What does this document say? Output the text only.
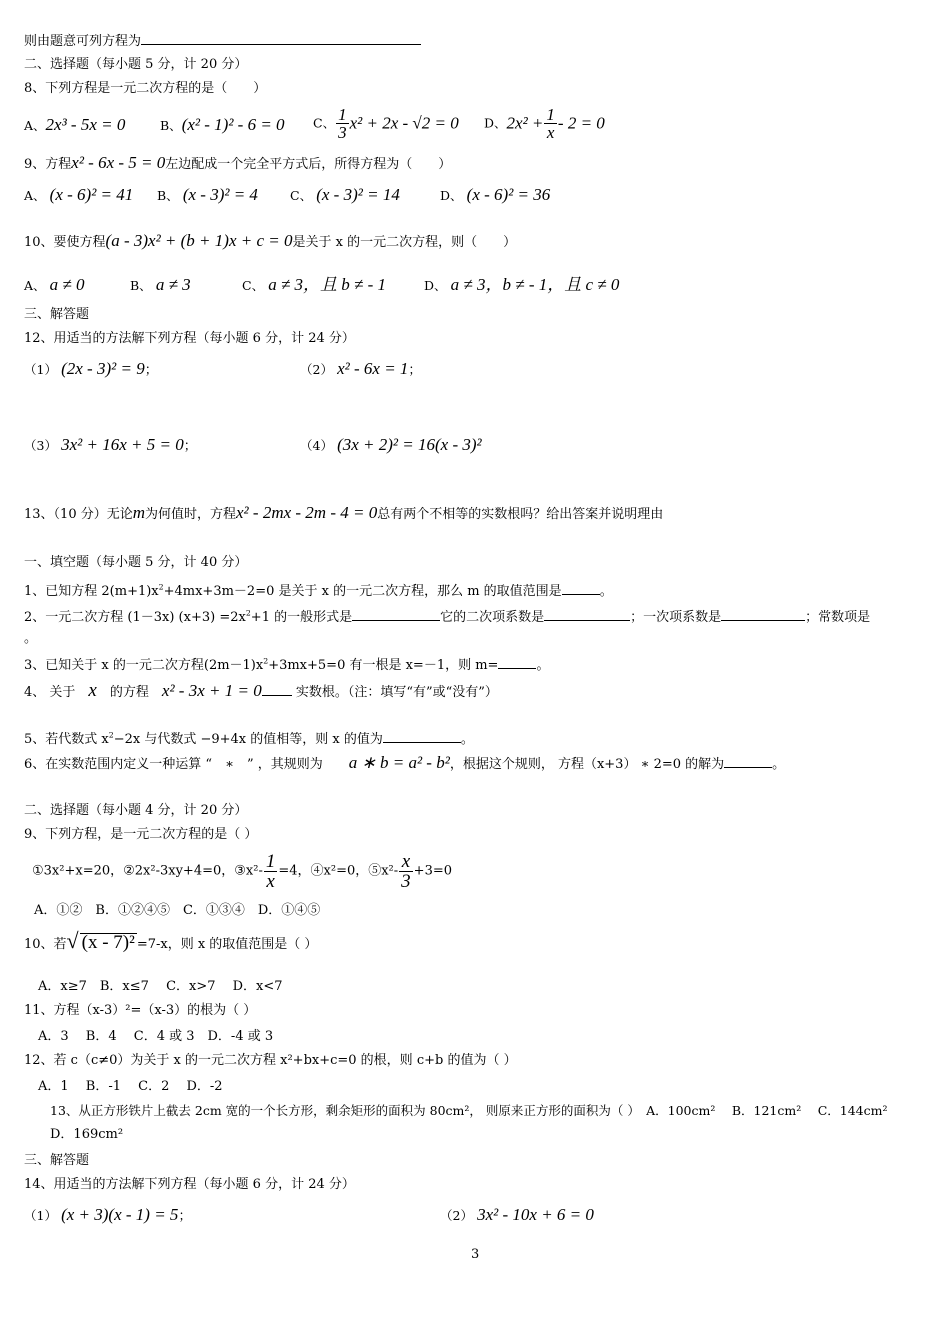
则由题意可列方程为
二、选择题（每小题 5 分，计 20 分）
8、下列方程是一元二次方程的是（　　）
A、2x³ - 5x = 0	B、(x² - 1)² - 6 = 0 C、 $\frac{1}{3} x^2 + 2x - √2 = 0$ D、$2x^2 + \frac{1}{x} - 2 = 0$
9、方程x² - 6x - 5 = 0左边配成一个完全平方式后，所得方程为（　　）
A、 (x - 6)² = 41 B、 (x - 3)² = 4	C、 (x - 3)² = 14	D、 (x - 6)² = 36
10、要使方程(a - 3)x² + (b + 1)x + c = 0是关于 x 的一元二次方程，则（　　）
A、 a ≠ 0	B、 a ≠ 3	C、 a ≠ 3，且 b ≠ - 1	D、 a ≠ 3，b ≠ - 1，且 c ≠ 0
三、解答题
12、用适当的方法解下列方程（每小题 6 分，计 24 分）
（1） (2x - 3)² = 9；	（2） x² - 6x = 1；
（3） 3x² + 16x + 5 = 0；	（4） (3x + 2)² = 16(x - 3)²
13、（10 分）无论m为何值时，方程x² - 2mx - 2m - 4 = 0总有两个不相等的实数根吗？给出答案并说明理由
一、填空题（每小题 5 分，计 40 分）
1、已知方程 $2(m+1)x^2+4mx+3m-2=0$ 是关于 x 的一元二次方程，那么 m 的取值范围是	。
2、一元二次方程 (1－3x) $(x+3) =2x^2+1$ 的一般形式是	它的二次项系数是	；一次项系数是	；常数项是
。
3、已知关于 x 的一元二次方程$(2m-1)x^2+3mx+5=0$ 有一根是 x=－1，则 m=	。
4、 关于　 x　 的方程　 x² - 3x + 1 = 0	实数根。（注：填写“有”或“没有”）
5、若代数式 $x^2-2x$ 与代数式 −9+4x 的值相等，则 x 的值为	。
6、在实数范围内定义一种运算 “　 ∗　 ” ，其规则为　　 a ∗ b = a² - b²，根据这个规则， 方程（x+3） ∗ 2=0 的解为	。
二、选择题（每小题 4 分，计 20 分）
9、下列方程，是一元二次方程的是（ ）
①3x²+x=20，②2x²-3xy+4=0，③x²- $\frac{1}{x} =4$，④x²=0，⑤x²- $\frac{x}{3} +3=0$
A．①②　B．①②④⑤　C．①③④　D．①④⑤
10、若√ (x - 7)² =7-x，则 x 的取值范围是（ ）
A．x≥7　B．x≤7　 C．x>7　 D．x<7
11、方程（x-3）²=（x-3）的根为（ ）
A．3　 B．4　 C．4 或 3　D．-4 或 3
12、若 c（c≠0）为关于 x 的一元二次方程 x²+bx+c=0 的根，则 c+b 的值为（ ）
A．1　 B．-1　 C．2　 D．-2
13、从正方形铁片上截去 2cm 宽的一个长方形，剩余矩形的面积为 80cm²， 则原来正方形的面积为（ ）　A．100cm²　 B．121cm²　 C．144cm²
D．169cm²
三、解答题
14、用适当的方法解下列方程（每小题 6 分，计 24 分）
（1） (x + 3)(x - 1) = 5；	（2） 3x² - 10x + 6 = 0
3
